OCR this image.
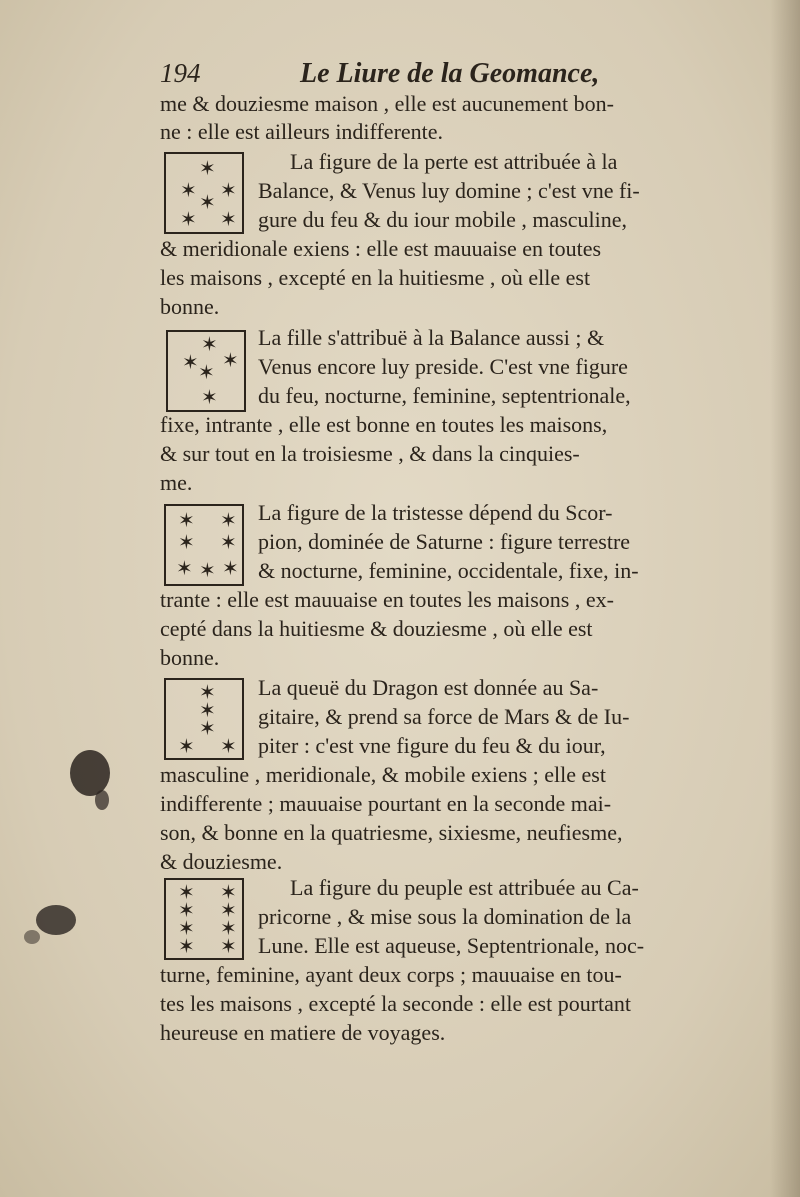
194	Le Liure de la Geomance,
me & douziesme maison , elle est aucunement bon-
ne : elle est ailleurs indifferente.
✶
✶ ✶
✶
✶ ✶
La figure de la perte est attribuée à la
Balance, & Venus luy domine ; c'est vne fi-
gure du feu & du iour mobile , masculine,
& meridionale exiens : elle est mauuaise en toutes
les maisons , excepté en la huitiesme , où elle est
bonne.
✶
✶ ✶
✶
✶
La fille s'attribuë à la Balance aussi ; &
Venus encore luy preside. C'est vne figure
du feu, nocturne, feminine, septentrionale,
fixe, intrante , elle est bonne en toutes les maisons,
& sur tout en la troisiesme , & dans la cinquies-
me.
✶ ✶
✶ ✶
✶ ✶ ✶
La figure de la tristesse dépend du Scor-
pion, dominée de Saturne : figure terrestre
& nocturne, feminine, occidentale, fixe, in-
trante : elle est mauuaise en toutes les maisons , ex-
cepté dans la huitiesme & douziesme , où elle est
bonne.
✶
✶
✶
✶ ✶
La queuë du Dragon est donnée au Sa-
gitaire, & prend sa force de Mars & de Iu-
piter : c'est vne figure du feu & du iour,
masculine , meridionale, & mobile exiens ; elle est
indifferente ; mauuaise pourtant en la seconde mai-
son, & bonne en la quatriesme, sixiesme, neufiesme,
& douziesme.
✶ ✶
✶ ✶
✶ ✶
✶ ✶
La figure du peuple est attribuée au Ca-
pricorne , & mise sous la domination de la
Lune. Elle est aqueuse, Septentrionale, noc-
turne, feminine, ayant deux corps ; mauuaise en tou-
tes les maisons , excepté la seconde : elle est pourtant
heureuse en matiere de voyages.
